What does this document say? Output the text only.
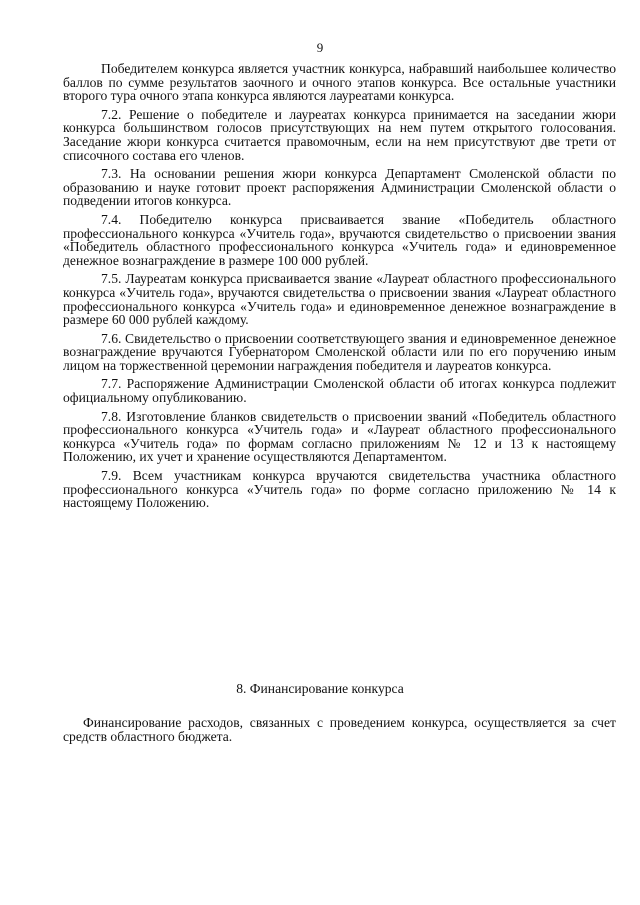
9

Победителем конкурса является участник конкурса, набравший наибольшее количество баллов по сумме результатов заочного и очного этапов конкурса. Все остальные участники второго тура очного этапа конкурса являются лауреатами конкурса.

7.2. Решение о победителе и лауреатах конкурса принимается на заседании жюри конкурса большинством голосов присутствующих на нем путем открытого голосования. Заседание жюри конкурса считается правомочным, если на нем присутствуют две трети от списочного состава его членов.

7.3. На основании решения жюри конкурса Департамент Смоленской области по образованию и науке готовит проект распоряжения Администрации Смоленской области о подведении итогов конкурса.

7.4. Победителю конкурса присваивается звание «Победитель областного профессионального конкурса «Учитель года», вручаются свидетельство о присвоении звания «Победитель областного профессионального конкурса «Учитель года» и единовременное денежное вознаграждение в размере 100 000 рублей.

7.5. Лауреатам конкурса присваивается звание «Лауреат областного профессионального конкурса «Учитель года», вручаются свидетельства о присвоении звания «Лауреат областного профессионального конкурса «Учитель года» и единовременное денежное вознаграждение в размере 60 000 рублей каждому.

7.6. Свидетельство о присвоении соответствующего звания и единовременное денежное вознаграждение вручаются Губернатором Смоленской области или по его поручению иным лицом на торжественной церемонии награждения победителя и лауреатов конкурса.

7.7. Распоряжение Администрации Смоленской области об итогах конкурса подлежит официальному опубликованию.

7.8. Изготовление бланков свидетельств о присвоении званий «Победитель областного профессионального конкурса «Учитель года» и «Лауреат областного профессионального конкурса «Учитель года» по формам согласно приложениям № 12 и 13 к настоящему Положению, их учет и хранение осуществляются Департаментом.

7.9. Всем участникам конкурса вручаются свидетельства участника областного профессионального конкурса «Учитель года» по форме согласно приложению № 14 к настоящему Положению.

8. Финансирование конкурса

Финансирование расходов, связанных с проведением конкурса, осуществляется за счет средств областного бюджета.
